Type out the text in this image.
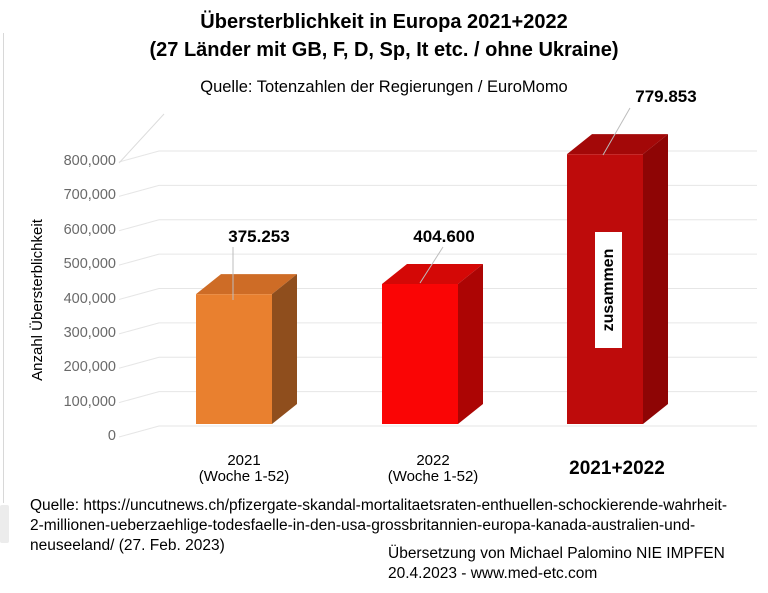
Übersterblichkeit in Europa 2021+2022
(27 Länder mit GB, F, D, Sp, It etc. / ohne Ukraine)
Quelle: Totenzahlen der Regierungen / EuroMomo
Anzahl Übersterblichkeit
0
100,000
200,000
300,000
400,000
500,000
600,000
700,000
800,000
375.253	404.600
779.853
zusammen
2021
(Woche 1-52)
2022
(Woche 1-52)	2021+2022
Quelle: https://uncutnews.ch/pfizergate-skandal-mortalitaetsraten-enthuellen-schockierende-wahrheit-
2-millionen-ueberzaehlige-todesfaelle-in-den-usa-grossbritannien-europa-kanada-australien-und-
neuseeland/ (27. Feb. 2023)	Übersetzung von Michael Palomino NIE IMPFEN
20.4.2023 - www.med-etc.com
